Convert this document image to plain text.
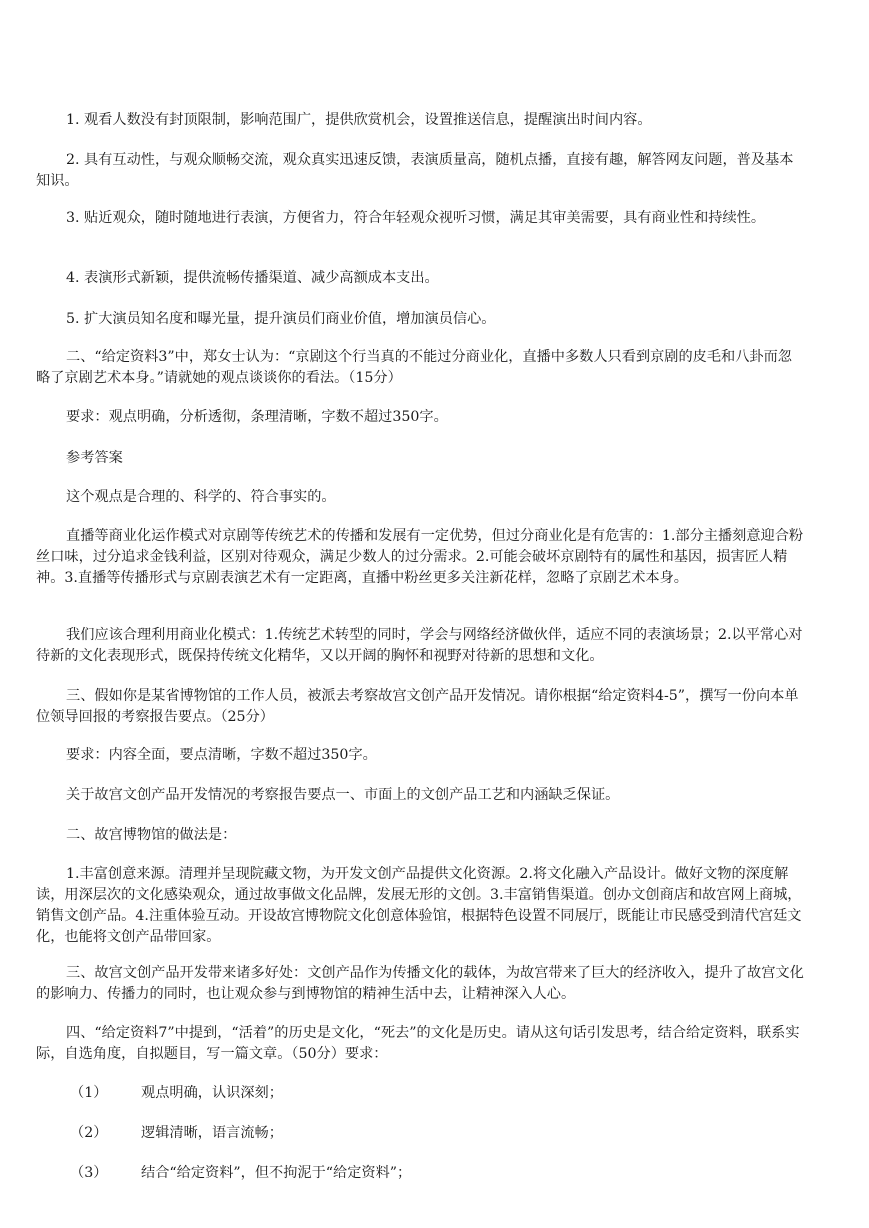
1. 观看人数没有封顶限制，影响范围广，提供欣赏机会，设置推送信息，提醒演出时间内容。

2. 具有互动性，与观众顺畅交流，观众真实迅速反馈，表演质量高，随机点播，直接有趣，解答网友问题，普及基本知识。

3. 贴近观众，随时随地进行表演，方便省力，符合年轻观众视听习惯，满足其审美需要，具有商业性和持续性。

4. 表演形式新颖，提供流畅传播渠道、减少高额成本支出。

5. 扩大演员知名度和曝光量，提升演员们商业价值，增加演员信心。

二、“给定资料3”中，郑女士认为：“京剧这个行当真的不能过分商业化，直播中多数人只看到京剧的皮毛和八卦而忽略了京剧艺术本身。”请就她的观点谈谈你的看法。（15分）

要求：观点明确，分析透彻，条理清晰，字数不超过350字。

参考答案

这个观点是合理的、科学的、符合事实的。

直播等商业化运作模式对京剧等传统艺术的传播和发展有一定优势，但过分商业化是有危害的：1.部分主播刻意迎合粉丝口味，过分追求金钱利益，区别对待观众，满足少数人的过分需求。2.可能会破坏京剧特有的属性和基因，损害匠人精神。3.直播等传播形式与京剧表演艺术有一定距离，直播中粉丝更多关注新花样，忽略了京剧艺术本身。

我们应该合理利用商业化模式：1.传统艺术转型的同时，学会与网络经济做伙伴，适应不同的表演场景；2.以平常心对待新的文化表现形式，既保持传统文化精华，又以开阔的胸怀和视野对待新的思想和文化。

三、假如你是某省博物馆的工作人员，被派去考察故宫文创产品开发情况。请你根据“给定资料4-5”，撰写一份向本单位领导回报的考察报告要点。（25分）

要求：内容全面，要点清晰，字数不超过350字。

关于故宫文创产品开发情况的考察报告要点一、市面上的文创产品工艺和内涵缺乏保证。

二、故宫博物馆的做法是：

1.丰富创意来源。清理并呈现院藏文物，为开发文创产品提供文化资源。2.将文化融入产品设计。做好文物的深度解读，用深层次的文化感染观众，通过故事做文化品牌，发展无形的文创。3.丰富销售渠道。创办文创商店和故宫网上商城，销售文创产品。4.注重体验互动。开设故宫博物院文化创意体验馆，根据特色设置不同展厅，既能让市民感受到清代宫廷文化，也能将文创产品带回家。

三、故宫文创产品开发带来诸多好处：文创产品作为传播文化的载体，为故宫带来了巨大的经济收入，提升了故宫文化的影响力、传播力的同时，也让观众参与到博物馆的精神生活中去，让精神深入人心。

四、“给定资料7”中提到，“活着”的历史是文化，“死去”的文化是历史。请从这句话引发思考，结合给定资料，联系实际，自选角度，自拟题目，写一篇文章。（50分）要求：

（1） 观点明确，认识深刻；
（2） 逻辑清晰，语言流畅；
（3） 结合“给定资料”，但不拘泥于“给定资料”；
